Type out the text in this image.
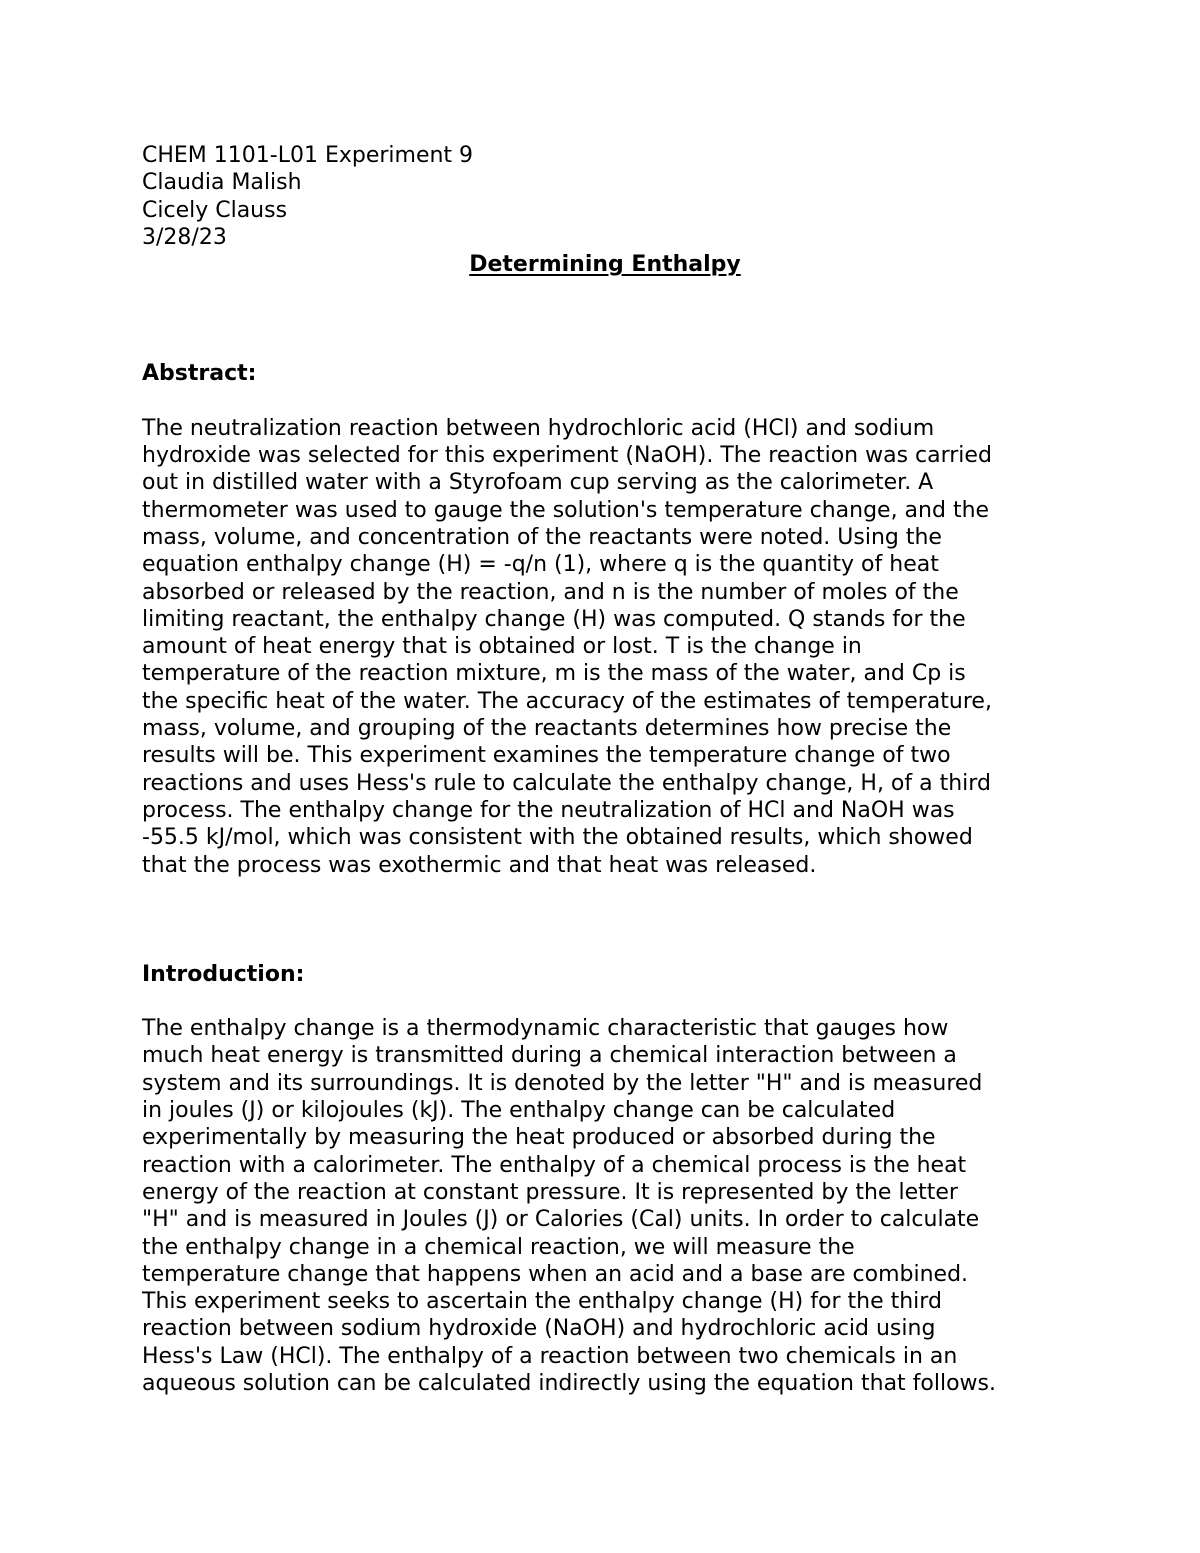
CHEM 1101-L01 Experiment 9
Claudia Malish
Cicely Clauss
3/28/23
Determining Enthalpy
Abstract:
The neutralization reaction between hydrochloric acid (HCl) and sodium
hydroxide was selected for this experiment (NaOH). The reaction was carried
out in distilled water with a Styrofoam cup serving as the calorimeter. A
thermometer was used to gauge the solution's temperature change, and the
mass, volume, and concentration of the reactants were noted. Using the
equation enthalpy change (H) = -q/n (1), where q is the quantity of heat
absorbed or released by the reaction, and n is the number of moles of the
limiting reactant, the enthalpy change (H) was computed. Q stands for the
amount of heat energy that is obtained or lost. T is the change in
temperature of the reaction mixture, m is the mass of the water, and Cp is
the specific heat of the water. The accuracy of the estimates of temperature,
mass, volume, and grouping of the reactants determines how precise the
results will be. This experiment examines the temperature change of two
reactions and uses Hess's rule to calculate the enthalpy change, H, of a third
process. The enthalpy change for the neutralization of HCl and NaOH was
-55.5 kJ/mol, which was consistent with the obtained results, which showed
that the process was exothermic and that heat was released.
Introduction:
The enthalpy change is a thermodynamic characteristic that gauges how
much heat energy is transmitted during a chemical interaction between a
system and its surroundings. It is denoted by the letter "H" and is measured
in joules (J) or kilojoules (kJ). The enthalpy change can be calculated
experimentally by measuring the heat produced or absorbed during the
reaction with a calorimeter. The enthalpy of a chemical process is the heat
energy of the reaction at constant pressure. It is represented by the letter
"H" and is measured in Joules (J) or Calories (Cal) units. In order to calculate
the enthalpy change in a chemical reaction, we will measure the
temperature change that happens when an acid and a base are combined.
This experiment seeks to ascertain the enthalpy change (H) for the third
reaction between sodium hydroxide (NaOH) and hydrochloric acid using
Hess's Law (HCl). The enthalpy of a reaction between two chemicals in an
aqueous solution can be calculated indirectly using the equation that follows.
